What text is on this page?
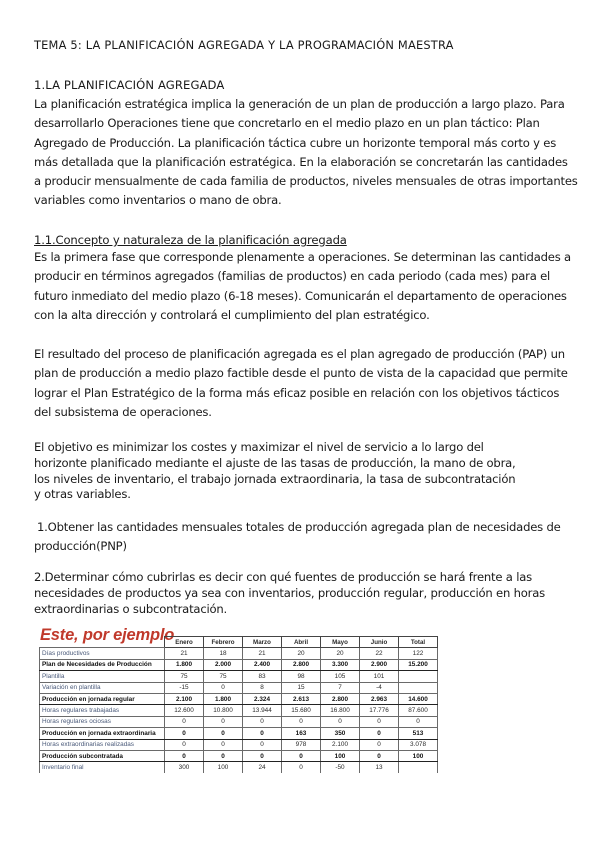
TEMA 5: LA PLANIFICACIÓN AGREGADA Y LA PROGRAMACIÓN MAESTRA
1.LA PLANIFICACIÓN AGREGADA
La planificación estratégica implica la generación de un plan de producción a largo plazo. Para
desarrollarlo Operaciones tiene que concretarlo en el medio plazo en un plan táctico: Plan
Agregado de Producción. La planificación táctica cubre un horizonte temporal más corto y es
más detallada que la planificación estratégica. En la elaboración se concretarán las cantidades
a producir mensualmente de cada familia de productos, niveles mensuales de otras importantes
variables como inventarios o mano de obra.
1.1.Concepto y naturaleza de la planificación agregada
Es la primera fase que corresponde plenamente a operaciones. Se determinan las cantidades a
producir en términos agregados (familias de productos) en cada periodo (cada mes) para el
futuro inmediato del medio plazo (6-18 meses). Comunicarán el departamento de operaciones
con la alta dirección y controlará el cumplimiento del plan estratégico.
El resultado del proceso de planificación agregada es el plan agregado de producción (PAP) un
plan de producción a medio plazo factible desde el punto de vista de la capacidad que permite
lograr el Plan Estratégico de la forma más eficaz posible en relación con los objetivos tácticos
del subsistema de operaciones.
El objetivo es minimizar los costes y maximizar el nivel de servicio a lo largo del
horizonte planificado mediante el ajuste de las tasas de producción, la mano de obra,
los niveles de inventario, el trabajo jornada extraordinaria, la tasa de subcontratación
y otras variables.
1.Obtener las cantidades mensuales totales de producción agregada plan de necesidades de
producción(PNP)
2.Determinar cómo cubrirlas es decir con qué fuentes de producción se hará frente a las
necesidades de productos ya sea con inventarios, producción regular, producción en horas
extraordinarias o subcontratación.
Este, por ejemplo
	Enero	Febrero	Marzo	Abril	Mayo	Junio	Total
Días productivos	21	18	21	20	20	22	122
Plan de Necesidades de Producción	1.800	2.000	2.400	2.800	3.300	2.900	15.200
Plantilla	75	75	83	98	105	101	
Variación en plantilla	-15	0	8	15	7	-4	
Producción en jornada regular	2.100	1.800	2.324	2.613	2.800	2.963	14.600
Horas regulares trabajadas	12.600	10.800	13.944	15.680	16.800	17.776	87.600
Horas regulares ociosas	0	0	0	0	0	0	0
Producción en jornada extraordinaria	0	0	0	163	350	0	513
Horas extraordinarias realizadas	0	0	0	978	2.100	0	3.078
Producción subcontratada	0	0	0	0	100	0	100
Inventario final	300	100	24	0	-50	13	
